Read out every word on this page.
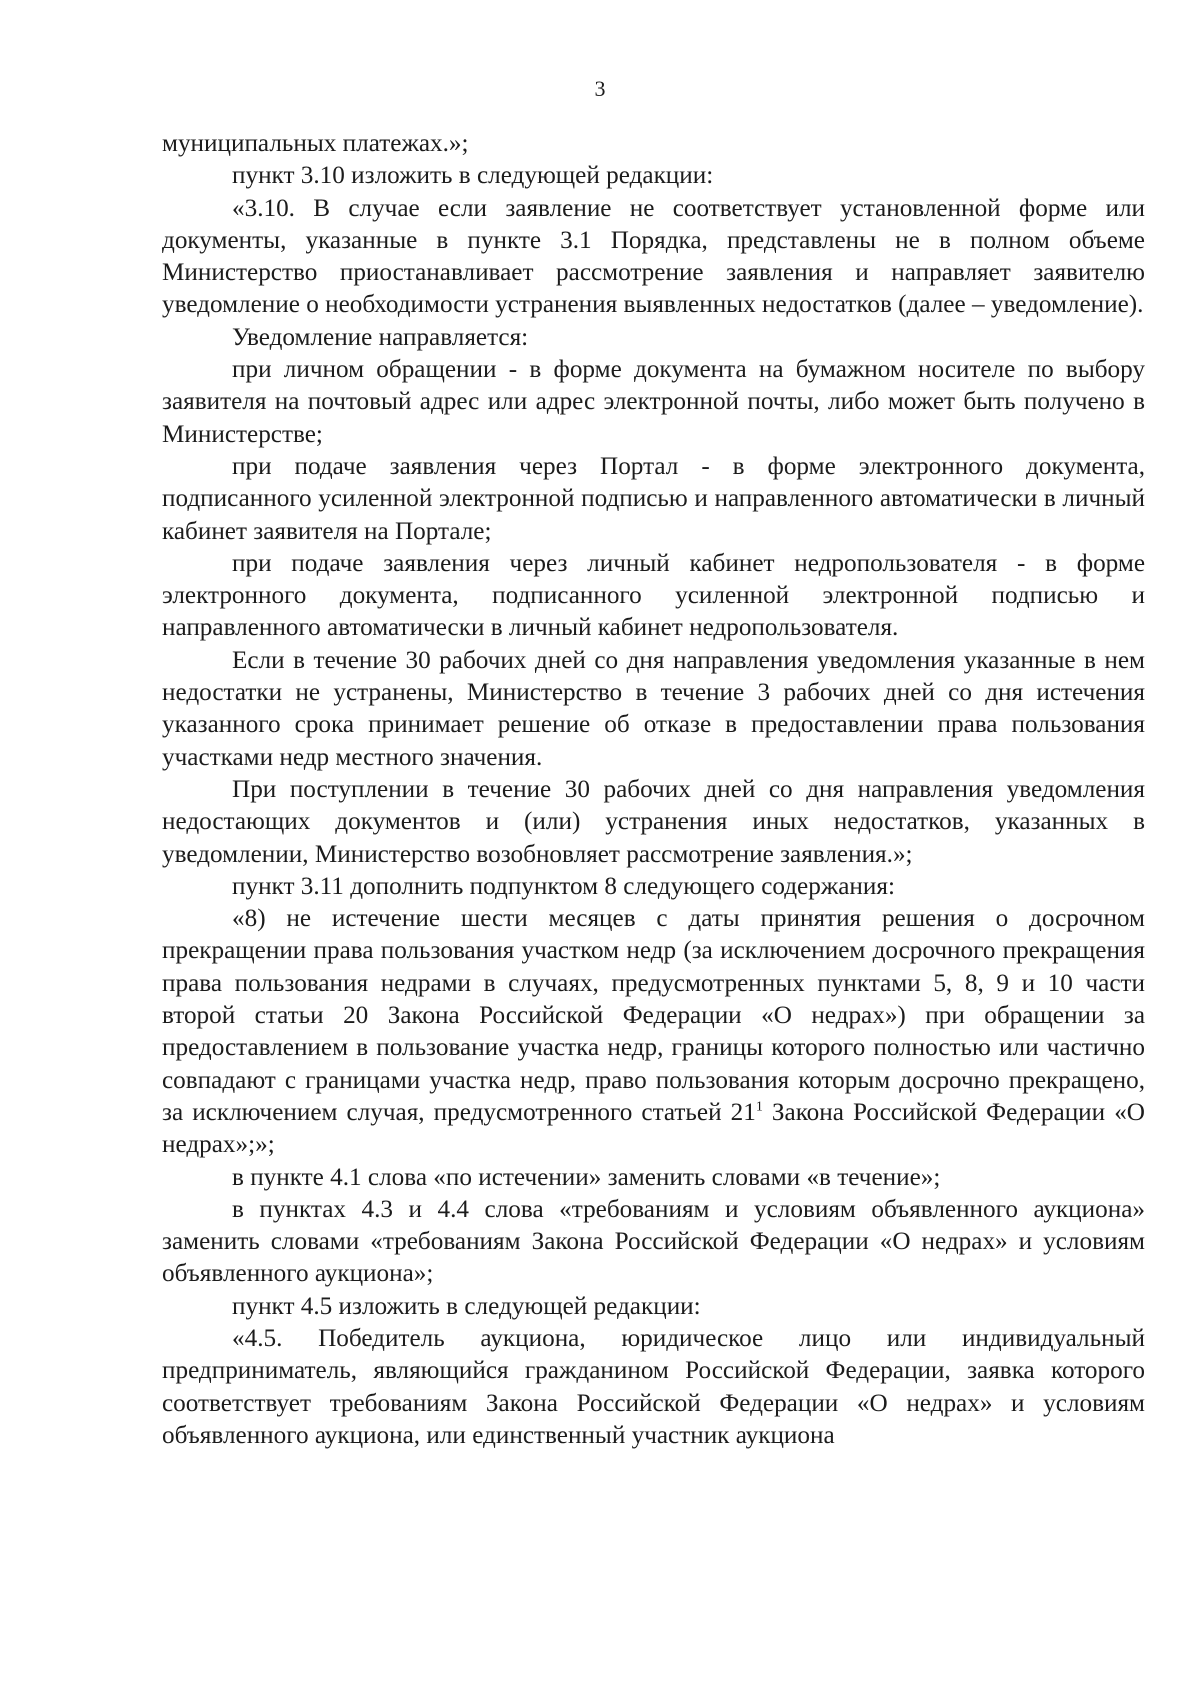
3

муниципальных платежах.»;

пункт 3.10 изложить в следующей редакции:

«3.10. В случае если заявление не соответствует установленной форме или документы, указанные в пункте 3.1 Порядка, представлены не в полном объеме Министерство приостанавливает рассмотрение заявления и направляет заявителю уведомление о необходимости устранения выявленных недостатков (далее – уведомление).

Уведомление направляется:

при личном обращении - в форме документа на бумажном носителе по выбору заявителя на почтовый адрес или адрес электронной почты, либо может быть получено в Министерстве;

при подаче заявления через Портал - в форме электронного документа, подписанного усиленной электронной подписью и направленного автоматически в личный кабинет заявителя на Портале;

при подаче заявления через личный кабинет недропользователя - в форме электронного документа, подписанного усиленной электронной подписью и направленного автоматически в личный кабинет недропользователя.

Если в течение 30 рабочих дней со дня направления уведомления указанные в нем недостатки не устранены, Министерство в течение 3 рабочих дней со дня истечения указанного срока принимает решение об отказе в предоставлении права пользования участками недр местного значения.

При поступлении в течение 30 рабочих дней со дня направления уведомления недостающих документов и (или) устранения иных недостатков, указанных в уведомлении, Министерство возобновляет рассмотрение заявления.»;

пункт 3.11 дополнить подпунктом 8 следующего содержания:

«8) не истечение шести месяцев с даты принятия решения о досрочном прекращении права пользования участком недр (за исключением досрочного прекращения права пользования недрами в случаях, предусмотренных пунктами 5, 8, 9 и 10 части второй статьи 20 Закона Российской Федерации «О недрах») при обращении за предоставлением в пользование участка недр, границы которого полностью или частично совпадают с границами участка недр, право пользования которым досрочно прекращено, за исключением случая, предусмотренного статьей $21^1$ Закона Российской Федерации «О недрах»;»;

в пункте 4.1 слова «по истечении» заменить словами «в течение»;

в пунктах 4.3 и 4.4 слова «требованиям и условиям объявленного аукциона» заменить словами «требованиям Закона Российской Федерации «О недрах» и условиям объявленного аукциона»;

пункт 4.5 изложить в следующей редакции:

«4.5. Победитель аукциона, юридическое лицо или индивидуальный предприниматель, являющийся гражданином Российской Федерации, заявка которого соответствует требованиям Закона Российской Федерации «О недрах» и условиям объявленного аукциона, или единственный участник аукциона
